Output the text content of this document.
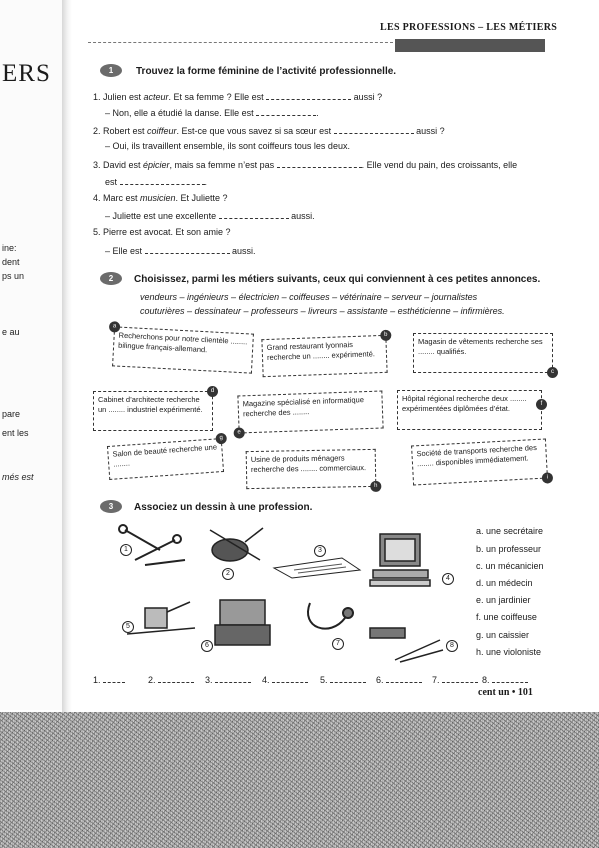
ERS
ine:
dent
ps un
e au
pare
ent les
més est
LES PROFESSIONS – LES MÉTIERS
1	Trouvez la forme féminine de l’activité professionnelle.
1. Julien est acteur. Et sa femme ? Elle est	aussi ?
– Non, elle a étudié la danse. Elle est	.
2. Robert est coiffeur. Est-ce que vous savez si sa sœur est	aussi ?
– Oui, ils travaillent ensemble, ils sont coiffeurs tous les deux.
3. David est épicier, mais sa femme n’est pas	. Elle vend du pain, des croissants, elle
est	.
4. Marc est musicien. Et Juliette ?
– Juliette est une excellente	aussi.
5. Pierre est avocat. Et son amie ?
– Elle est	aussi.
2	Choisissez, parmi les métiers suivants, ceux qui conviennent à ces petites annonces.
vendeurs – ingénieurs – électricien – coiffeuses – vétérinaire – serveur – journalistes
couturières – dessinateur – professeurs – livreurs – assistante – esthéticienne – infirmières.
a
Recherchons pour notre clientèle ........ bilingue français-allemand.
b
Grand restaurant lyonnais recherche un ........ expérimenté.
c
Magasin de vêtements recherche ses ........ qualifiés.
d
Cabinet d’architecte recherche un ........ industriel expérimenté.
e
Magazine spécialisé en informatique recherche des ........
f
Hôpital régional recherche deux ........ expérimentées diplômées d’état.
g
Salon de beauté recherche une ........
h
Usine de produits ménagers recherche des ........ commerciaux.
i
Société de transports recherche des ........ disponibles immédiatement.
3	Associez un dessin à une profession.
1
2
3
4
5
6	7	8
a. une secrétaire
b. un professeur
c. un mécanicien
d. un médecin
e. un jardinier
f. une coiffeuse
g. un caissier
h. une violoniste
1.	2.	3.	4.	5.	6.	7.	8.
cent un • 101
